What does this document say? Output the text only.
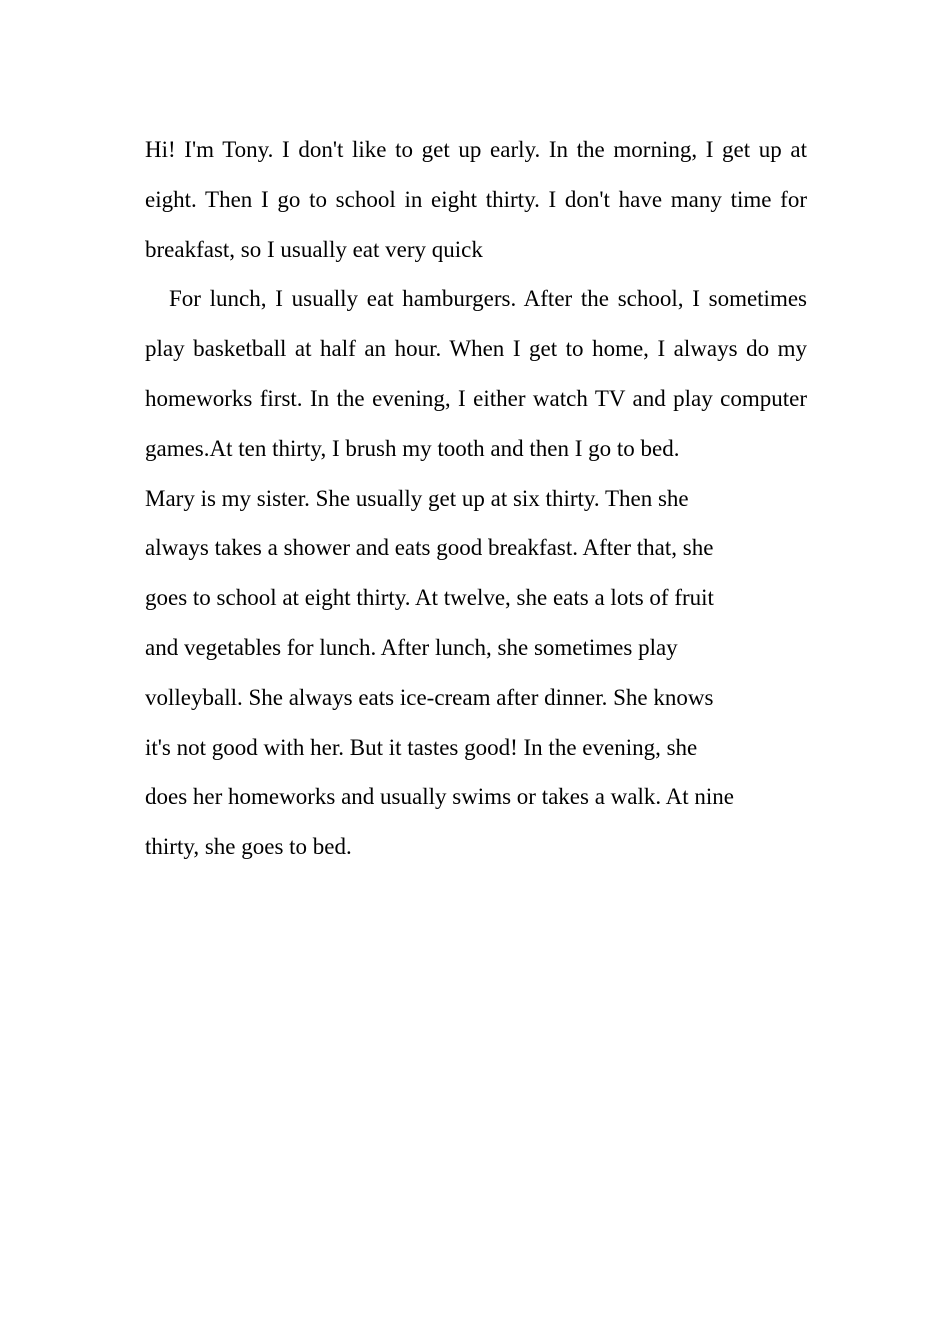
Hi! I'm Tony. I don't like to get up early. In the morning, I get up at eight. Then I go to school in eight thirty. I don't have many time for breakfast, so I usually eat very quick

For lunch, I usually eat hamburgers. After the school, I sometimes play basketball at half an hour. When I get to home, I always do my homeworks first. In the evening, I either watch TV and play computer games.At ten thirty, I brush my tooth and then I go to bed.

Mary is my sister. She usually get up at six thirty. Then she
always takes a shower and eats good breakfast. After that, she
goes to school at eight thirty. At twelve, she eats a lots of fruit
and vegetables for lunch. After lunch, she sometimes play
volleyball. She always eats ice-cream after dinner. She knows
it's not good with her. But it tastes good! In the evening, she
does her homeworks and usually swims or takes a walk. At nine
thirty, she goes to bed.
